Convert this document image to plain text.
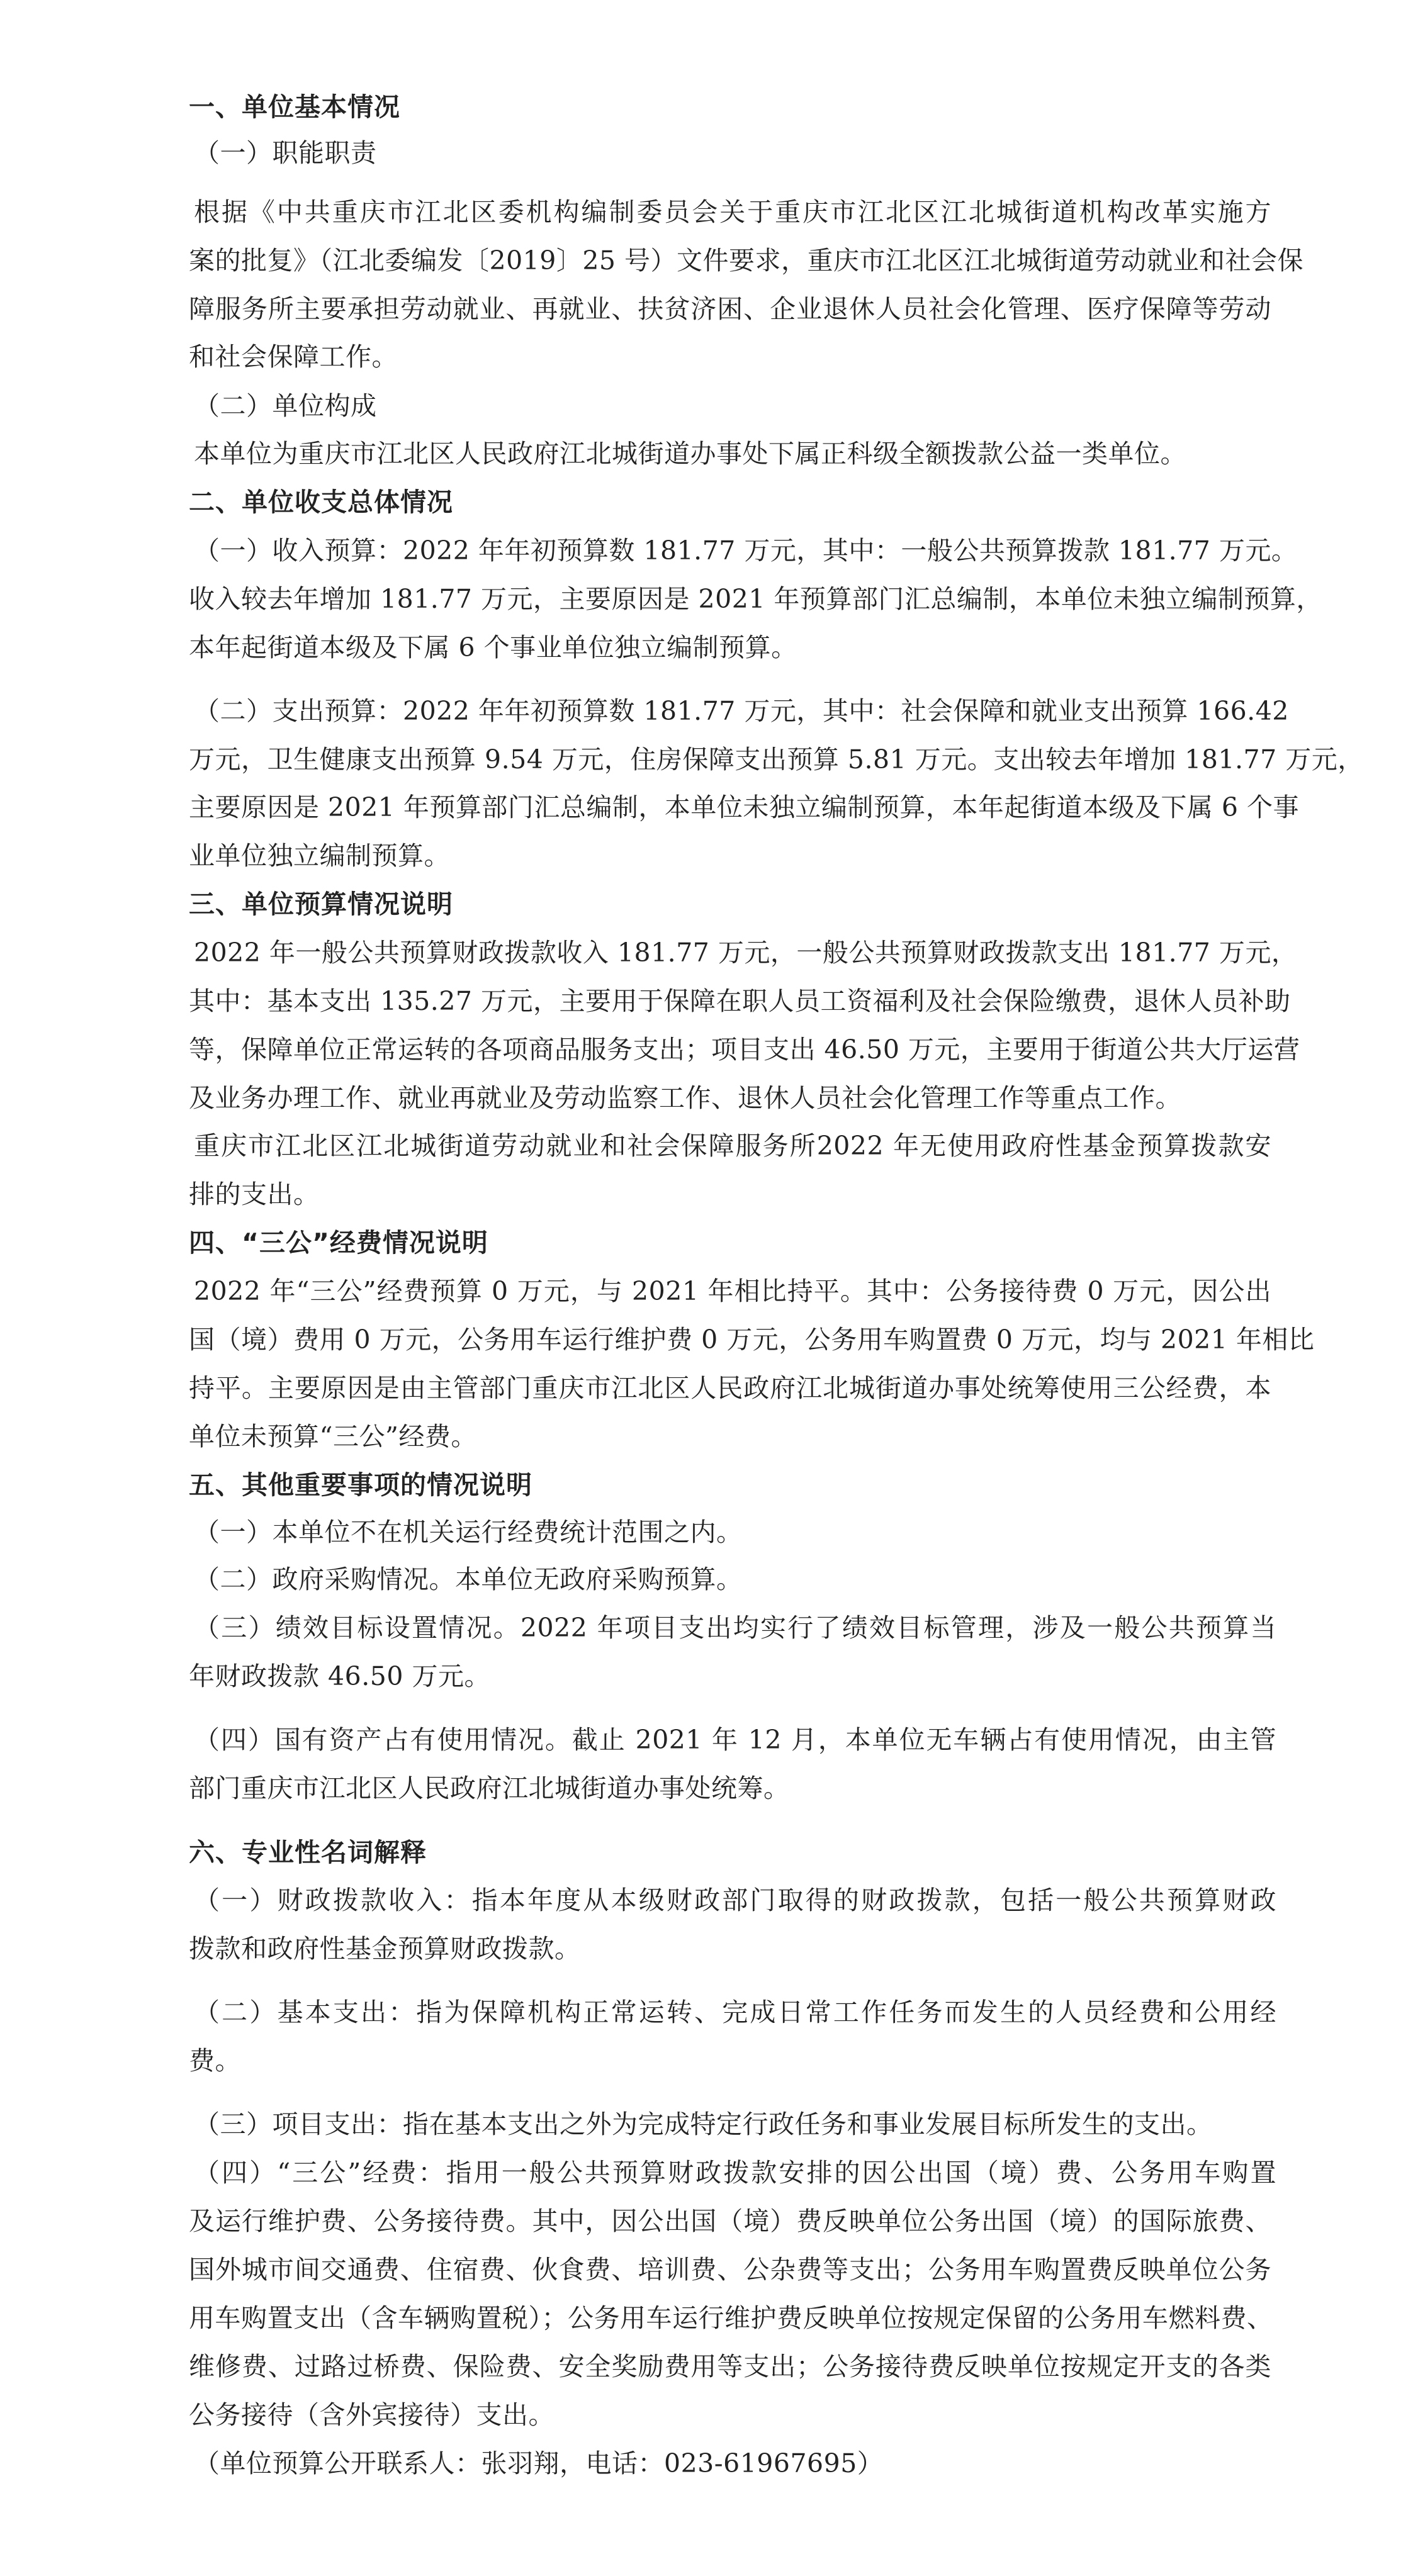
一、单位基本情况
（一）职能职责
根据《中共重庆市江北区委机构编制委员会关于重庆市江北区江北城街道机构改革实施方
案的批复》（江北委编发〔2019〕25 号）文件要求，重庆市江北区江北城街道劳动就业和社会保
障服务所主要承担劳动就业、再就业、扶贫济困、企业退休人员社会化管理、医疗保障等劳动
和社会保障工作。
（二）单位构成
本单位为重庆市江北区人民政府江北城街道办事处下属正科级全额拨款公益一类单位。
二、单位收支总体情况
（一）收入预算：2022 年年初预算数 181.77 万元，其中：一般公共预算拨款 181.77 万元。
收入较去年增加 181.77 万元，主要原因是 2021 年预算部门汇总编制，本单位未独立编制预算，
本年起街道本级及下属 6 个事业单位独立编制预算。
（二）支出预算：2022 年年初预算数 181.77 万元，其中：社会保障和就业支出预算 166.42
万元，卫生健康支出预算 9.54 万元，住房保障支出预算 5.81 万元。支出较去年增加 181.77 万元，
主要原因是 2021 年预算部门汇总编制，本单位未独立编制预算，本年起街道本级及下属 6 个事
业单位独立编制预算。
三、单位预算情况说明
2022 年一般公共预算财政拨款收入 181.77 万元，一般公共预算财政拨款支出 181.77 万元，
其中：基本支出 135.27 万元，主要用于保障在职人员工资福利及社会保险缴费，退休人员补助
等，保障单位正常运转的各项商品服务支出；项目支出 46.50 万元，主要用于街道公共大厅运营
及业务办理工作、就业再就业及劳动监察工作、退休人员社会化管理工作等重点工作。
重庆市江北区江北城街道劳动就业和社会保障服务所2022 年无使用政府性基金预算拨款安
排的支出。
四、“三公”经费情况说明
2022 年“三公”经费预算 0 万元，与 2021 年相比持平。其中：公务接待费 0 万元，因公出
国（境）费用 0 万元，公务用车运行维护费 0 万元，公务用车购置费 0 万元，均与 2021 年相比
持平。主要原因是由主管部门重庆市江北区人民政府江北城街道办事处统筹使用三公经费，本
单位未预算“三公”经费。
五、其他重要事项的情况说明
（一）本单位不在机关运行经费统计范围之内。
（二）政府采购情况。本单位无政府采购预算。
（三）绩效目标设置情况。2022 年项目支出均实行了绩效目标管理，涉及一般公共预算当
年财政拨款 46.50 万元。
（四）国有资产占有使用情况。截止 2021 年 12 月，本单位无车辆占有使用情况，由主管
部门重庆市江北区人民政府江北城街道办事处统筹。
六、专业性名词解释
（一）财政拨款收入：指本年度从本级财政部门取得的财政拨款，包括一般公共预算财政
拨款和政府性基金预算财政拨款。
（二）基本支出：指为保障机构正常运转、完成日常工作任务而发生的人员经费和公用经
费。
（三）项目支出：指在基本支出之外为完成特定行政任务和事业发展目标所发生的支出。
（四）“三公”经费：指用一般公共预算财政拨款安排的因公出国（境）费、公务用车购置
及运行维护费、公务接待费。其中，因公出国（境）费反映单位公务出国（境）的国际旅费、
国外城市间交通费、住宿费、伙食费、培训费、公杂费等支出；公务用车购置费反映单位公务
用车购置支出（含车辆购置税）；公务用车运行维护费反映单位按规定保留的公务用车燃料费、
维修费、过路过桥费、保险费、安全奖励费用等支出；公务接待费反映单位按规定开支的各类
公务接待（含外宾接待）支出。
（单位预算公开联系人：张羽翔，电话：023-61967695）
